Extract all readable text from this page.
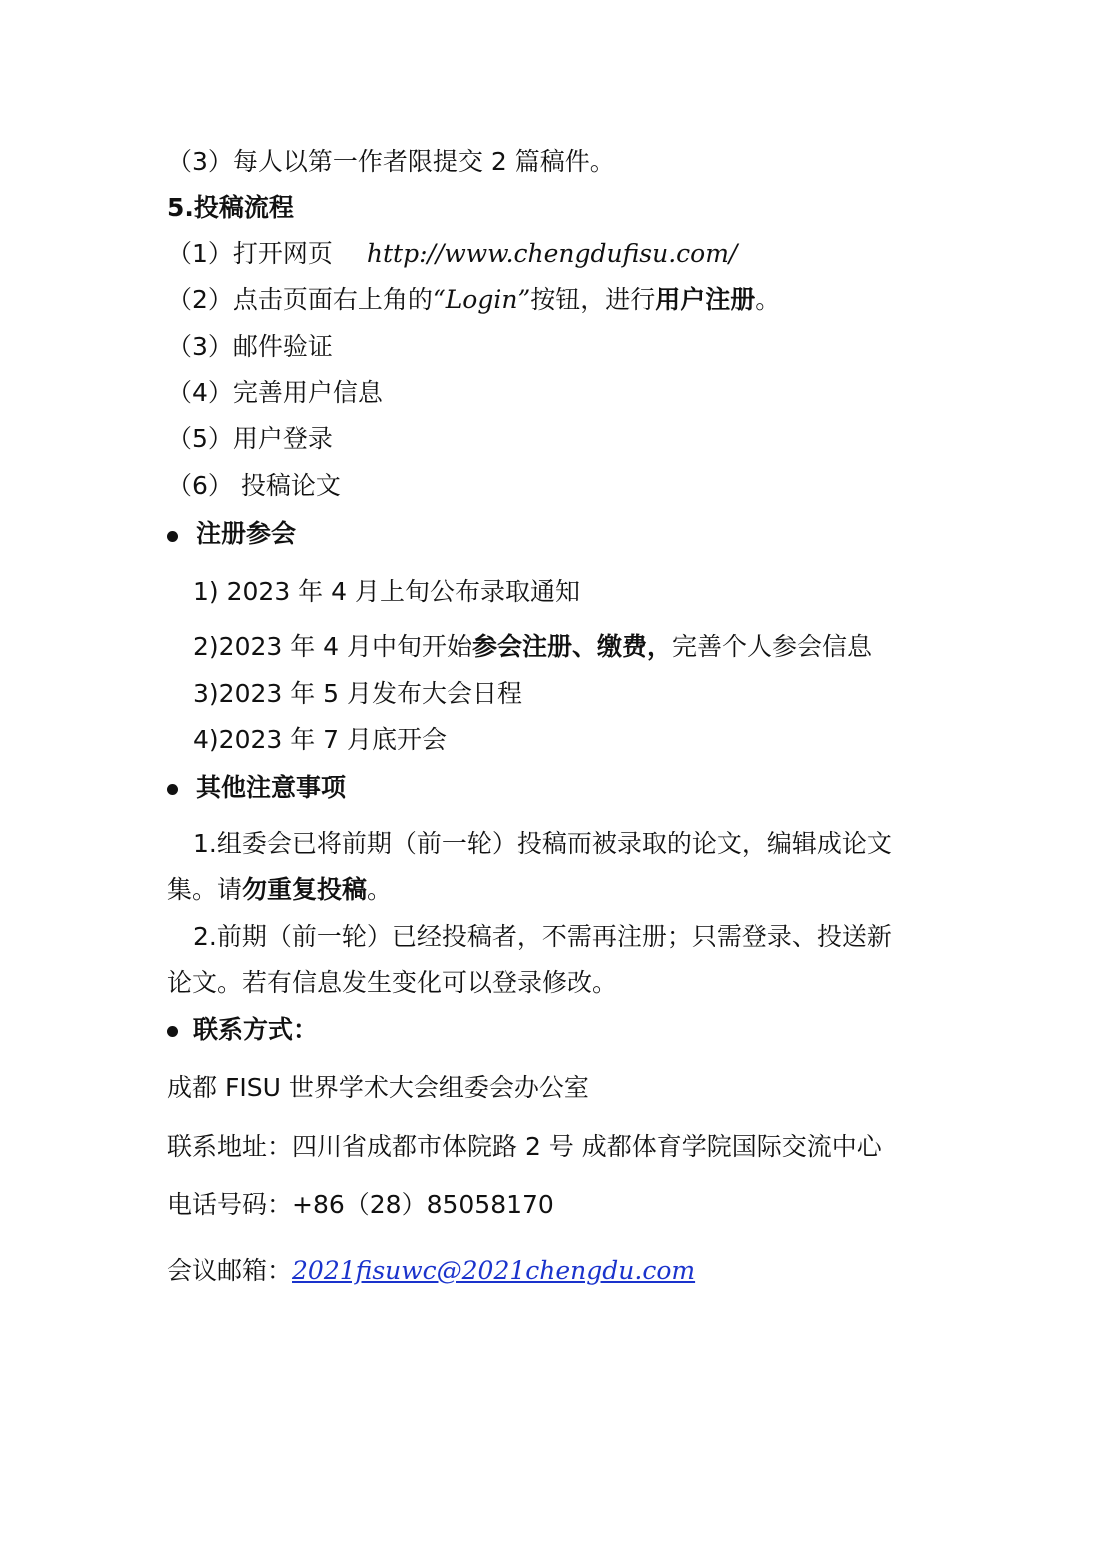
（3）每人以第一作者限提交 2 篇稿件。
5.投稿流程
（1）打开网页 http://www.chengdufisu.com/
（2）点击页面右上角的“Login”按钮，进行用户注册。
（3）邮件验证
（4）完善用户信息
（5）用户登录
（6） 投稿论文
注册参会
1) 2023 年 4 月上旬公布录取通知
2)2023 年 4 月中旬开始参会注册、缴费，完善个人参会信息
3)2023 年 5 月发布大会日程
4)2023 年 7 月底开会
其他注意事项
1.组委会已将前期（前一轮）投稿而被录取的论文，编辑成论文
集。请勿重复投稿。
2.前期（前一轮）已经投稿者，不需再注册；只需登录、投送新
论文。若有信息发生变化可以登录修改。
联系方式：
成都 FISU 世界学术大会组委会办公室
联系地址：四川省成都市体院路 2 号 成都体育学院国际交流中心
电话号码：+86（28）85058170
会议邮箱：2021fisuwc@2021chengdu.com
